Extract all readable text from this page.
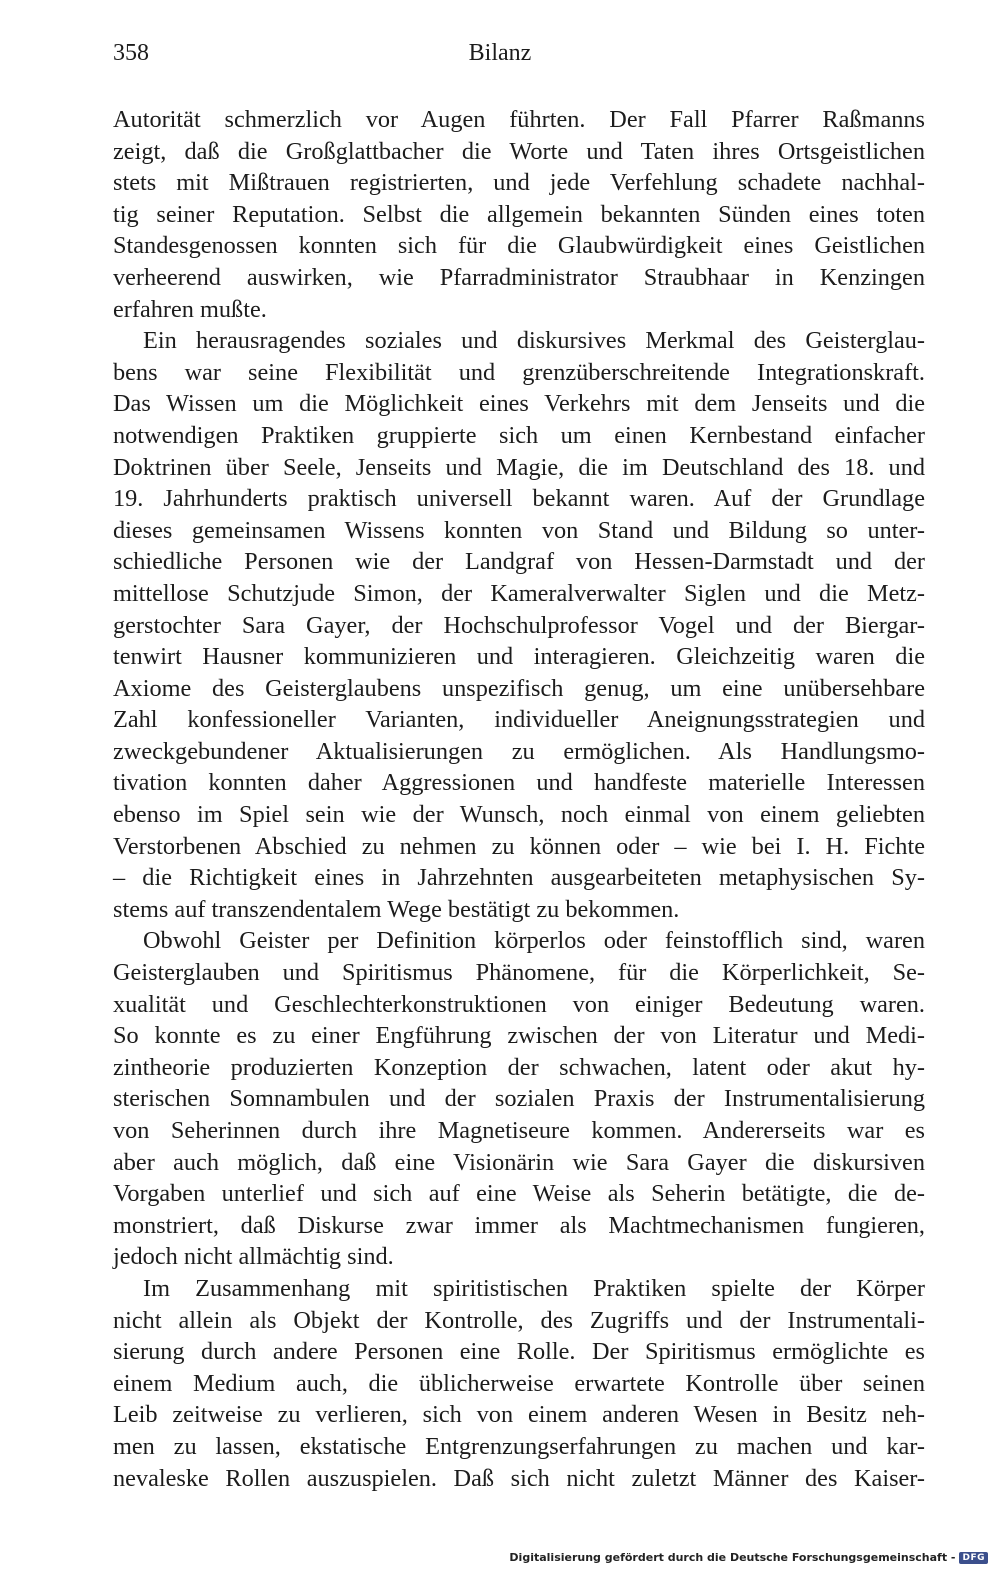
358	Bilanz
Autorität schmerzlich vor Augen führten. Der Fall Pfarrer Raßmanns
zeigt, daß die Großglattbacher die Worte und Taten ihres Ortsgeistlichen
stets mit Mißtrauen registrierten, und jede Verfehlung schadete nachhal-
tig seiner Reputation. Selbst die allgemein bekannten Sünden eines toten
Standesgenossen konnten sich für die Glaubwürdigkeit eines Geistlichen
verheerend auswirken, wie Pfarradministrator Straubhaar in Kenzingen
erfahren mußte.
Ein herausragendes soziales und diskursives Merkmal des Geisterglau-
bens war seine Flexibilität und grenzüberschreitende Integrationskraft.
Das Wissen um die Möglichkeit eines Verkehrs mit dem Jenseits und die
notwendigen Praktiken gruppierte sich um einen Kernbestand einfacher
Doktrinen über Seele, Jenseits und Magie, die im Deutschland des 18. und
19. Jahrhunderts praktisch universell bekannt waren. Auf der Grundlage
dieses gemeinsamen Wissens konnten von Stand und Bildung so unter-
schiedliche Personen wie der Landgraf von Hessen-Darmstadt und der
mittellose Schutzjude Simon, der Kameralverwalter Siglen und die Metz-
gerstochter Sara Gayer, der Hochschulprofessor Vogel und der Biergar-
tenwirt Hausner kommunizieren und interagieren. Gleichzeitig waren die
Axiome des Geisterglaubens unspezifisch genug, um eine unübersehbare
Zahl konfessioneller Varianten, individueller Aneignungsstrategien und
zweckgebundener Aktualisierungen zu ermöglichen. Als Handlungsmo-
tivation konnten daher Aggressionen und handfeste materielle Interessen
ebenso im Spiel sein wie der Wunsch, noch einmal von einem geliebten
Verstorbenen Abschied zu nehmen zu können oder – wie bei I. H. Fichte
– die Richtigkeit eines in Jahrzehnten ausgearbeiteten metaphysischen Sy-
stems auf transzendentalem Wege bestätigt zu bekommen.
Obwohl Geister per Definition körperlos oder feinstofflich sind, waren
Geisterglauben und Spiritismus Phänomene, für die Körperlichkeit, Se-
xualität und Geschlechterkonstruktionen von einiger Bedeutung waren.
So konnte es zu einer Engführung zwischen der von Literatur und Medi-
zintheorie produzierten Konzeption der schwachen, latent oder akut hy-
sterischen Somnambulen und der sozialen Praxis der Instrumentalisierung
von Seherinnen durch ihre Magnetiseure kommen. Andererseits war es
aber auch möglich, daß eine Visionärin wie Sara Gayer die diskursiven
Vorgaben unterlief und sich auf eine Weise als Seherin betätigte, die de-
monstriert, daß Diskurse zwar immer als Machtmechanismen fungieren,
jedoch nicht allmächtig sind.
Im Zusammenhang mit spiritistischen Praktiken spielte der Körper
nicht allein als Objekt der Kontrolle, des Zugriffs und der Instrumentali-
sierung durch andere Personen eine Rolle. Der Spiritismus ermöglichte es
einem Medium auch, die üblicherweise erwartete Kontrolle über seinen
Leib zeitweise zu verlieren, sich von einem anderen Wesen in Besitz neh-
men zu lassen, ekstatische Entgrenzungserfahrungen zu machen und kar-
nevaleske Rollen auszuspielen. Daß sich nicht zuletzt Männer des Kaiser-
Digitalisierung gefördert durch die Deutsche Forschungsgemeinschaft - DFG
